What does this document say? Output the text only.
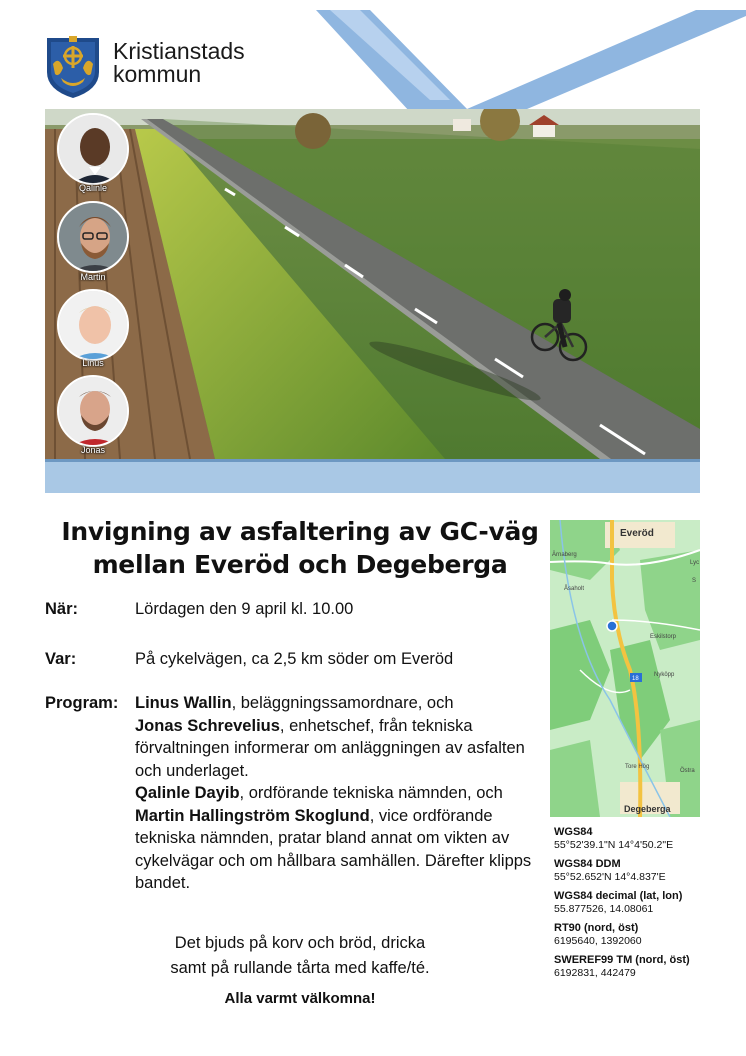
Kristianstads
kommun
Qalinle
Martin
Linus
Jonas
Invigning av asfaltering av GC-väg
mellan Everöd och Degeberga
När:	Lördagen den 9 april kl. 10.00
Var:	På cykelvägen, ca 2,5 km söder om Everöd
Program: Linus Wallin, beläggningssamordnare, och
Jonas Schrevelius, enhetschef, från tekniska förvaltningen informerar om anläggningen av asfalten och underlaget.
Qalinle Dayib, ordförande tekniska nämnden, och Martin Hallingström Skoglund, vice ordförande tekniska nämnden, pratar bland annat om vikten av cykelvägar och om hållbara samhällen. Därefter klipps bandet.
Det bjuds på korv och bröd, dricka
samt på rullande tårta med kaffe/té.
Alla varmt välkomna!
Everöd
Ärnaberg
Åsaholt
Eskilstorp
Nyköpp
18
Tore Hög
Östra
Lyc
S
Degeberga
WGS84
55°52'39.1"N 14°4'50.2"E
WGS84 DDM
55°52.652'N 14°4.837'E
WGS84 decimal (lat, lon)
55.877526, 14.08061
RT90 (nord, öst)
6195640, 1392060
SWEREF99 TM (nord, öst)
6192831, 442479
